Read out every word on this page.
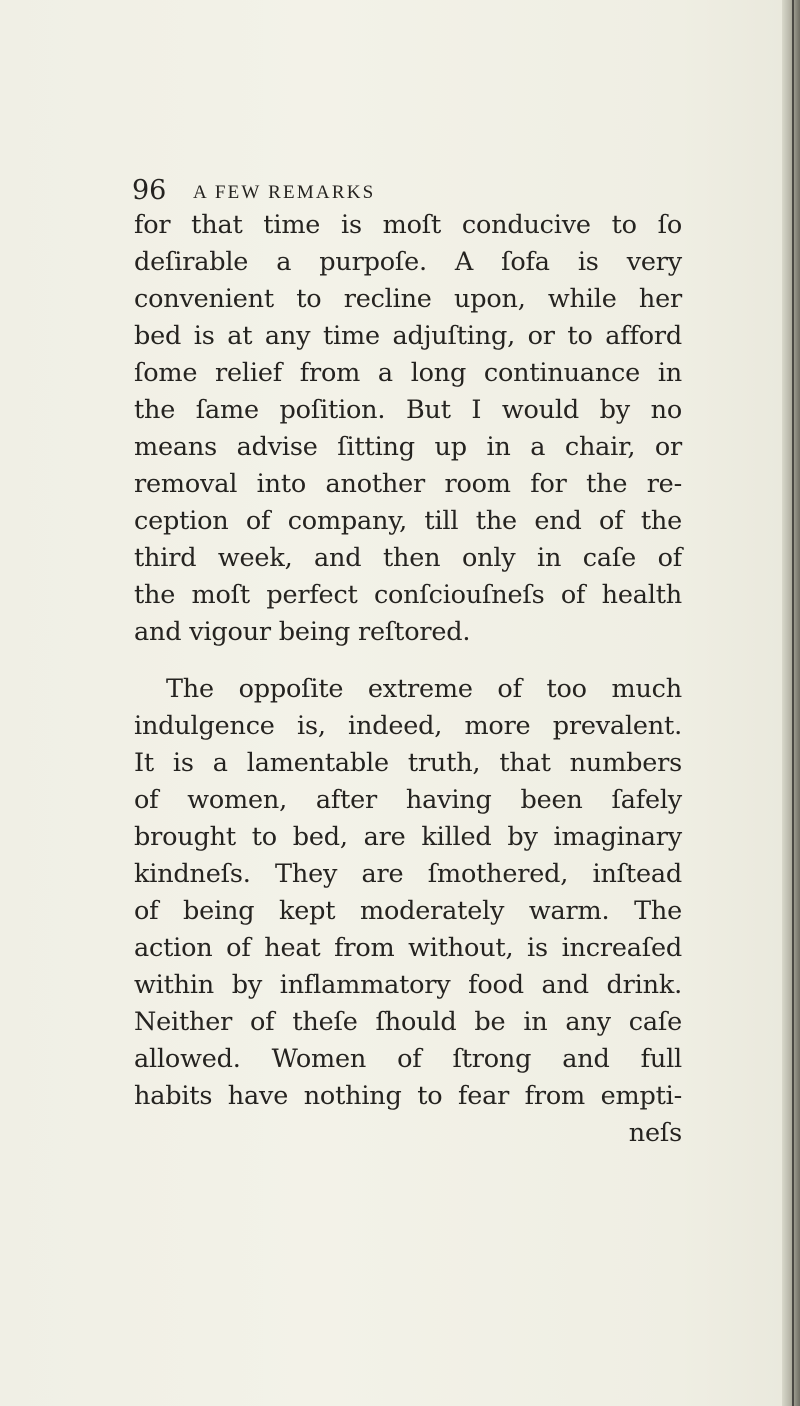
96 A FEW REMARKS
for that time is moſt conducive to ſo
deſirable a purpoſe. A ſofa is very
convenient to recline upon, while her
bed is at any time adjuſting, or to afford
ſome relief from a long continuance in
the ſame poſition. But I would by no
means advise ſitting up in a chair, or
removal into another room for the re-
ception of company, till the end of the
third week, and then only in caſe of
the moſt perfect conſciouſneſs of health
and vigour being reſtored.
The oppoſite extreme of too much
indulgence is, indeed, more prevalent.
It is a lamentable truth, that numbers
of women, after having been ſafely
brought to bed, are killed by imaginary
kindneſs. They are ſmothered, inſtead
of being kept moderately warm. The
action of heat from without, is increaſed
within by inflammatory food and drink.
Neither of theſe ſhould be in any caſe
allowed. Women of ſtrong and full
habits have nothing to fear from empti-
neſs
